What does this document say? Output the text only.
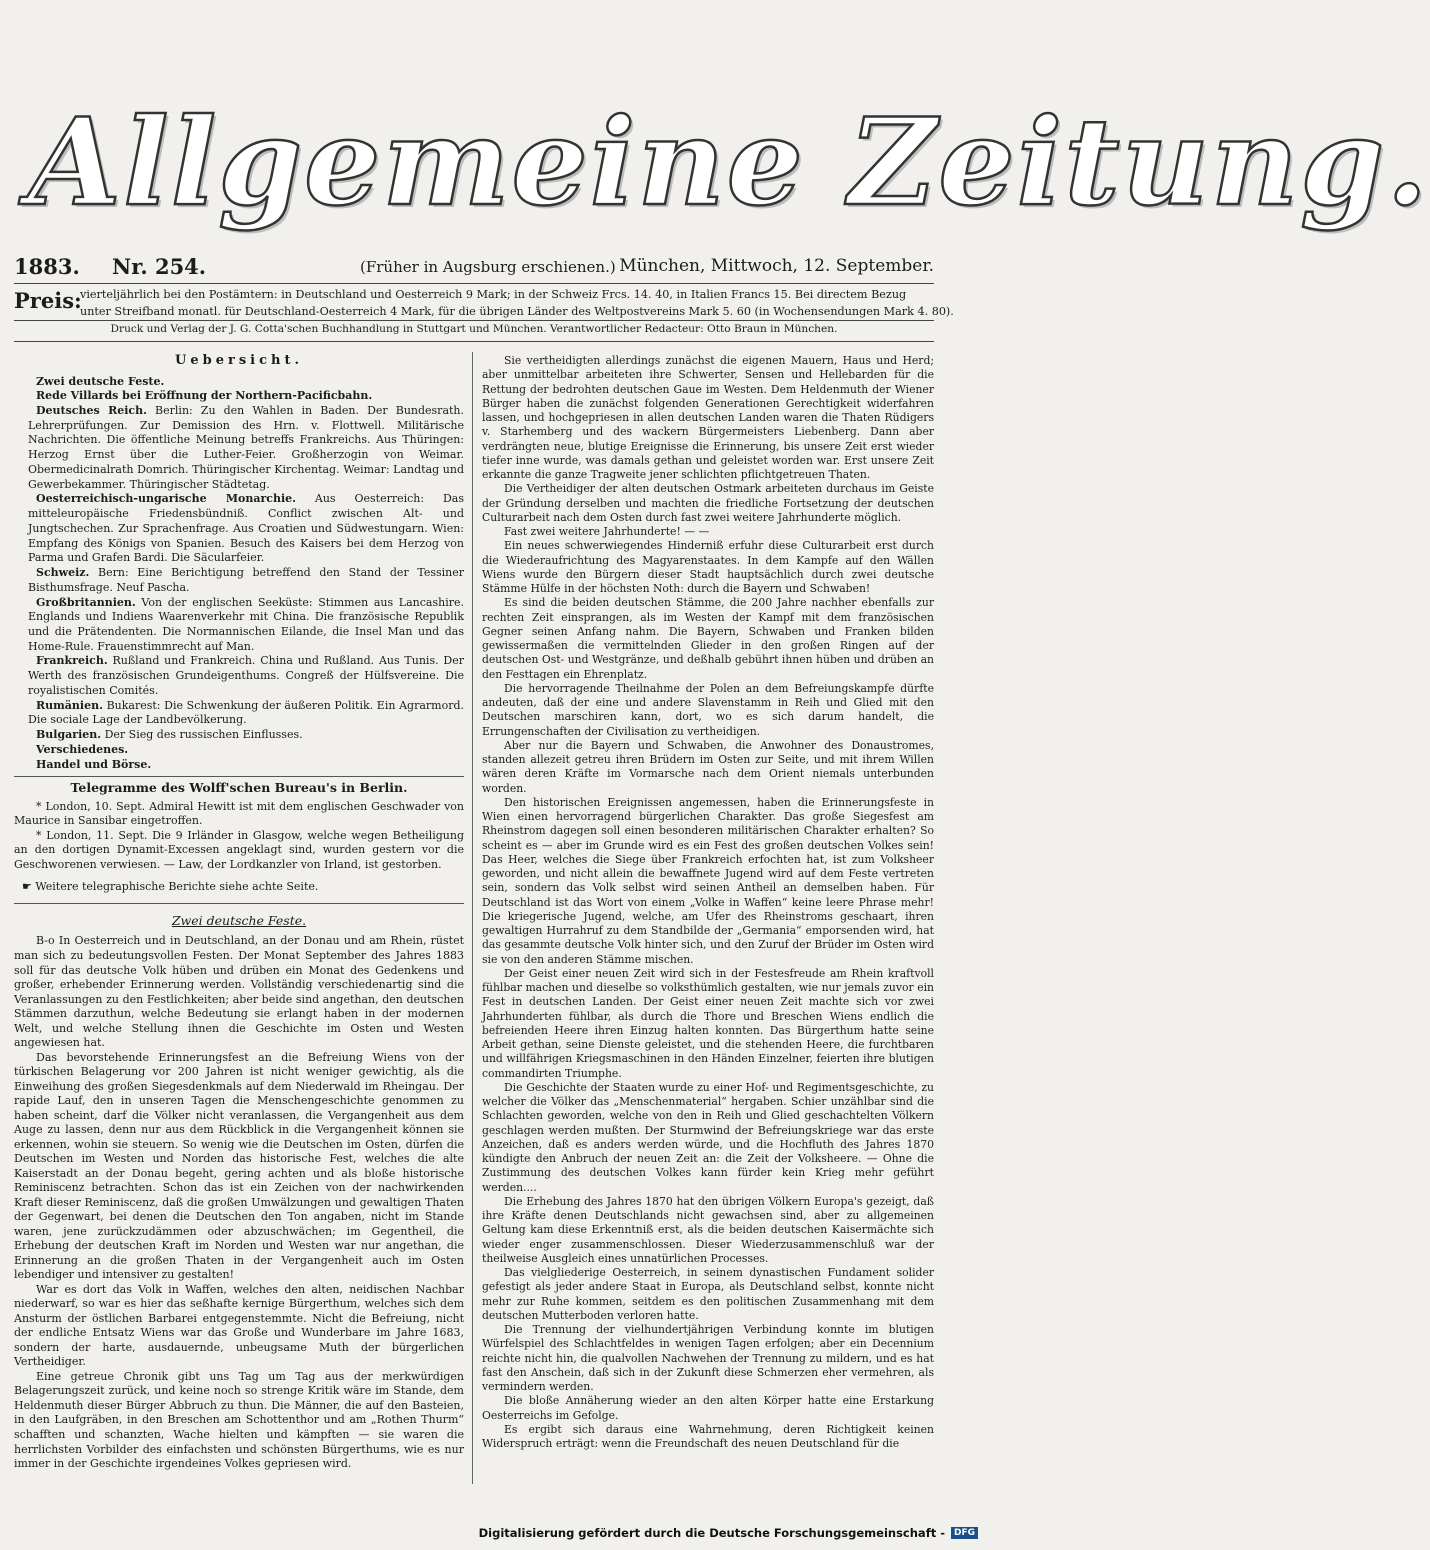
Allgemeine Zeitung.
1883. Nr. 254.	(Früher in Augsburg erschienen.) München, Mittwoch, 12. September.
Preis:
vierteljährlich bei den Postämtern: in Deutschland und Oesterreich 9 Mark; in der Schweiz Frcs. 14. 40, in Italien Francs 15. Bei directem Bezug
unter Streifband monatl. für Deutschland-Oesterreich 4 Mark, für die übrigen Länder des Weltpostvereins Mark 5. 60 (in Wochensendungen Mark 4. 80).
Druck und Verlag der J. G. Cotta'schen Buchhandlung in Stuttgart und München. Verantwortlicher Redacteur: Otto Braun in München.
Uebersicht.

Zwei deutsche Feste.

Rede Villards bei Eröffnung der Northern-Pacificbahn.

Deutsches Reich. Berlin: Zu den Wahlen in Baden. Der Bundesrath. Lehrerprüfungen. Zur Demission des Hrn. v. Flottwell. Militärische Nachrichten. Die öffentliche Meinung betreffs Frankreichs. Aus Thüringen: Herzog Ernst über die Luther-Feier. Großherzogin von Weimar. Obermedicinalrath Domrich. Thüringischer Kirchentag. Weimar: Landtag und Gewerbekammer. Thüringischer Städtetag.

Oesterreichisch-ungarische Monarchie. Aus Oesterreich: Das mitteleuropäische Friedensbündniß. Conflict zwischen Alt- und Jungtschechen. Zur Sprachenfrage. Aus Croatien und Südwestungarn. Wien: Empfang des Königs von Spanien. Besuch des Kaisers bei dem Herzog von Parma und Grafen Bardi. Die Säcularfeier.

Schweiz. Bern: Eine Berichtigung betreffend den Stand der Tessiner Bisthumsfrage. Neuf Pascha.

Großbritannien. Von der englischen Seeküste: Stimmen aus Lancashire. Englands und Indiens Waarenverkehr mit China. Die französische Republik und die Prätendenten. Die Normannischen Eilande, die Insel Man und das Home-Rule. Frauenstimmrecht auf Man.

Frankreich. Rußland und Frankreich. China und Rußland. Aus Tunis. Der Werth des französischen Grundeigenthums. Congreß der Hülfsvereine. Die royalistischen Comités.

Rumänien. Bukarest: Die Schwenkung der äußeren Politik. Ein Agrarmord. Die sociale Lage der Landbevölkerung.

Bulgarien. Der Sieg des russischen Einflusses.

Verschiedenes.

Handel und Börse.

Telegramme des Wolff'schen Bureau's in Berlin.

* London, 10. Sept. Admiral Hewitt ist mit dem englischen Geschwader von Maurice in Sansibar eingetroffen.

* London, 11. Sept. Die 9 Irländer in Glasgow, welche wegen Betheiligung an den dortigen Dynamit-Excessen angeklagt sind, wurden gestern vor die Geschworenen verwiesen. — Law, der Lordkanzler von Irland, ist gestorben.

☛ Weitere telegraphische Berichte siehe achte Seite.
Zwei deutsche Feste.

B-o In Oesterreich und in Deutschland, an der Donau und am Rhein, rüstet man sich zu bedeutungsvollen Festen. Der Monat September des Jahres 1883 soll für das deutsche Volk hüben und drüben ein Monat des Gedenkens und großer, erhebender Erinnerung werden. Vollständig verschiedenartig sind die Veranlassungen zu den Festlichkeiten; aber beide sind angethan, den deutschen Stämmen darzuthun, welche Bedeutung sie erlangt haben in der modernen Welt, und welche Stellung ihnen die Geschichte im Osten und Westen angewiesen hat.

Das bevorstehende Erinnerungsfest an die Befreiung Wiens von der türkischen Belagerung vor 200 Jahren ist nicht weniger gewichtig, als die Einweihung des großen Siegesdenkmals auf dem Niederwald im Rheingau. Der rapide Lauf, den in unseren Tagen die Menschengeschichte genommen zu haben scheint, darf die Völker nicht veranlassen, die Vergangenheit aus dem Auge zu lassen, denn nur aus dem Rückblick in die Vergangenheit können sie erkennen, wohin sie steuern. So wenig wie die Deutschen im Osten, dürfen die Deutschen im Westen und Norden das historische Fest, welches die alte Kaiserstadt an der Donau begeht, gering achten und als bloße historische Reminiscenz betrachten. Schon das ist ein Zeichen von der nachwirkenden Kraft dieser Reminiscenz, daß die großen Umwälzungen und gewaltigen Thaten der Gegenwart, bei denen die Deutschen den Ton angaben, nicht im Stande waren, jene zurückzudämmen oder abzuschwächen; im Gegentheil, die Erhebung der deutschen Kraft im Norden und Westen war nur angethan, die Erinnerung an die großen Thaten in der Vergangenheit auch im Osten lebendiger und intensiver zu gestalten!

War es dort das Volk in Waffen, welches den alten, neidischen Nachbar niederwarf, so war es hier das seßhafte kernige Bürgerthum, welches sich dem Ansturm der östlichen Barbarei entgegenstemmte. Nicht die Befreiung, nicht der endliche Entsatz Wiens war das Große und Wunderbare im Jahre 1683, sondern der harte, ausdauernde, unbeugsame Muth der bürgerlichen Vertheidiger.

Eine getreue Chronik gibt uns Tag um Tag aus der merkwürdigen Belagerungszeit zurück, und keine noch so strenge Kritik wäre im Stande, dem Heldenmuth dieser Bürger Abbruch zu thun. Die Männer, die auf den Basteien, in den Laufgräben, in den Breschen am Schottenthor und am „Rothen Thurm“ schafften und schanzten, Wache hielten und kämpften — sie waren die herrlichsten Vorbilder des einfachsten und schönsten Bürgerthums, wie es nur immer in der Geschichte irgendeines Volkes gepriesen wird.

Sie vertheidigten allerdings zunächst die eigenen Mauern, Haus und Herd; aber unmittelbar arbeiteten ihre Schwerter, Sensen und Hellebarden für die Rettung der bedrohten deutschen Gaue im Westen. Dem Heldenmuth der Wiener Bürger haben die zunächst folgenden Generationen Gerechtigkeit widerfahren lassen, und hochgepriesen in allen deutschen Landen waren die Thaten Rüdigers v. Starhemberg und des wackern Bürgermeisters Liebenberg. Dann aber verdrängten neue, blutige Ereignisse die Erinnerung, bis unsere Zeit erst wieder tiefer inne wurde, was damals gethan und geleistet worden war. Erst unsere Zeit erkannte die ganze Tragweite jener schlichten pflichtgetreuen Thaten.

Die Vertheidiger der alten deutschen Ostmark arbeiteten durchaus im Geiste der Gründung derselben und machten die friedliche Fortsetzung der deutschen Culturarbeit nach dem Osten durch fast zwei weitere Jahrhunderte möglich.

Fast zwei weitere Jahrhunderte! — —

Ein neues schwerwiegendes Hinderniß erfuhr diese Culturarbeit erst durch die Wiederaufrichtung des Magyarenstaates. In dem Kampfe auf den Wällen Wiens wurde den Bürgern dieser Stadt hauptsächlich durch zwei deutsche Stämme Hülfe in der höchsten Noth: durch die Bayern und Schwaben!

Es sind die beiden deutschen Stämme, die 200 Jahre nachher ebenfalls zur rechten Zeit einsprangen, als im Westen der Kampf mit dem französischen Gegner seinen Anfang nahm. Die Bayern, Schwaben und Franken bilden gewissermaßen die vermittelnden Glieder in den großen Ringen auf der deutschen Ost- und Westgränze, und deßhalb gebührt ihnen hüben und drüben an den Festtagen ein Ehrenplatz.

Die hervorragende Theilnahme der Polen an dem Befreiungskampfe dürfte andeuten, daß der eine und andere Slavenstamm in Reih und Glied mit den Deutschen marschiren kann, dort, wo es sich darum handelt, die Errungenschaften der Civilisation zu vertheidigen.

Aber nur die Bayern und Schwaben, die Anwohner des Donaustromes, standen allezeit getreu ihren Brüdern im Osten zur Seite, und mit ihrem Willen wären deren Kräfte im Vormarsche nach dem Orient niemals unterbunden worden.

Den historischen Ereignissen angemessen, haben die Erinnerungsfeste in Wien einen hervorragend bürgerlichen Charakter. Das große Siegesfest am Rheinstrom dagegen soll einen besonderen militärischen Charakter erhalten? So scheint es — aber im Grunde wird es ein Fest des großen deutschen Volkes sein! Das Heer, welches die Siege über Frankreich erfochten hat, ist zum Volksheer geworden, und nicht allein die bewaffnete Jugend wird auf dem Feste vertreten sein, sondern das Volk selbst wird seinen Antheil an demselben haben. Für Deutschland ist das Wort von einem „Volke in Waffen“ keine leere Phrase mehr! Die kriegerische Jugend, welche, am Ufer des Rheinstroms geschaart, ihren gewaltigen Hurrahruf zu dem Standbilde der „Germania“ emporsenden wird, hat das gesammte deutsche Volk hinter sich, und den Zuruf der Brüder im Osten wird sie von den anderen Stämme mischen.

Der Geist einer neuen Zeit wird sich in der Festesfreude am Rhein kraftvoll fühlbar machen und dieselbe so volksthümlich gestalten, wie nur jemals zuvor ein Fest in deutschen Landen. Der Geist einer neuen Zeit machte sich vor zwei Jahrhunderten fühlbar, als durch die Thore und Breschen Wiens endlich die befreienden Heere ihren Einzug halten konnten. Das Bürgerthum hatte seine Arbeit gethan, seine Dienste geleistet, und die stehenden Heere, die furchtbaren und willfährigen Kriegsmaschinen in den Händen Einzelner, feierten ihre blutigen commandirten Triumphe.

Die Geschichte der Staaten wurde zu einer Hof- und Regimentsgeschichte, zu welcher die Völker das „Menschenmaterial“ hergaben. Schier unzählbar sind die Schlachten geworden, welche von den in Reih und Glied geschachtelten Völkern geschlagen werden mußten. Der Sturmwind der Befreiungskriege war das erste Anzeichen, daß es anders werden würde, und die Hochfluth des Jahres 1870 kündigte den Anbruch der neuen Zeit an: die Zeit der Volksheere. — Ohne die Zustimmung des deutschen Volkes kann fürder kein Krieg mehr geführt werden....

Die Erhebung des Jahres 1870 hat den übrigen Völkern Europa's gezeigt, daß ihre Kräfte denen Deutschlands nicht gewachsen sind, aber zu allgemeinen Geltung kam diese Erkenntniß erst, als die beiden deutschen Kaisermächte sich wieder enger zusammenschlossen. Dieser Wiederzusammenschluß war der theilweise Ausgleich eines unnatürlichen Processes.

Das vielgliederige Oesterreich, in seinem dynastischen Fundament solider gefestigt als jeder andere Staat in Europa, als Deutschland selbst, konnte nicht mehr zur Ruhe kommen, seitdem es den politischen Zusammenhang mit dem deutschen Mutterboden verloren hatte.

Die Trennung der vielhundertjährigen Verbindung konnte im blutigen Würfelspiel des Schlachtfeldes in wenigen Tagen erfolgen; aber ein Decennium reichte nicht hin, die qualvollen Nachwehen der Trennung zu mildern, und es hat fast den Anschein, daß sich in der Zukunft diese Schmerzen eher vermehren, als vermindern werden.

Die bloße Annäherung wieder an den alten Körper hatte eine Erstarkung Oesterreichs im Gefolge.

Es ergibt sich daraus eine Wahrnehmung, deren Richtigkeit keinen Widerspruch erträgt: wenn die Freundschaft des neuen Deutschland für die

Digitalisierung gefördert durch die Deutsche Forschungsgemeinschaft -	DFG
